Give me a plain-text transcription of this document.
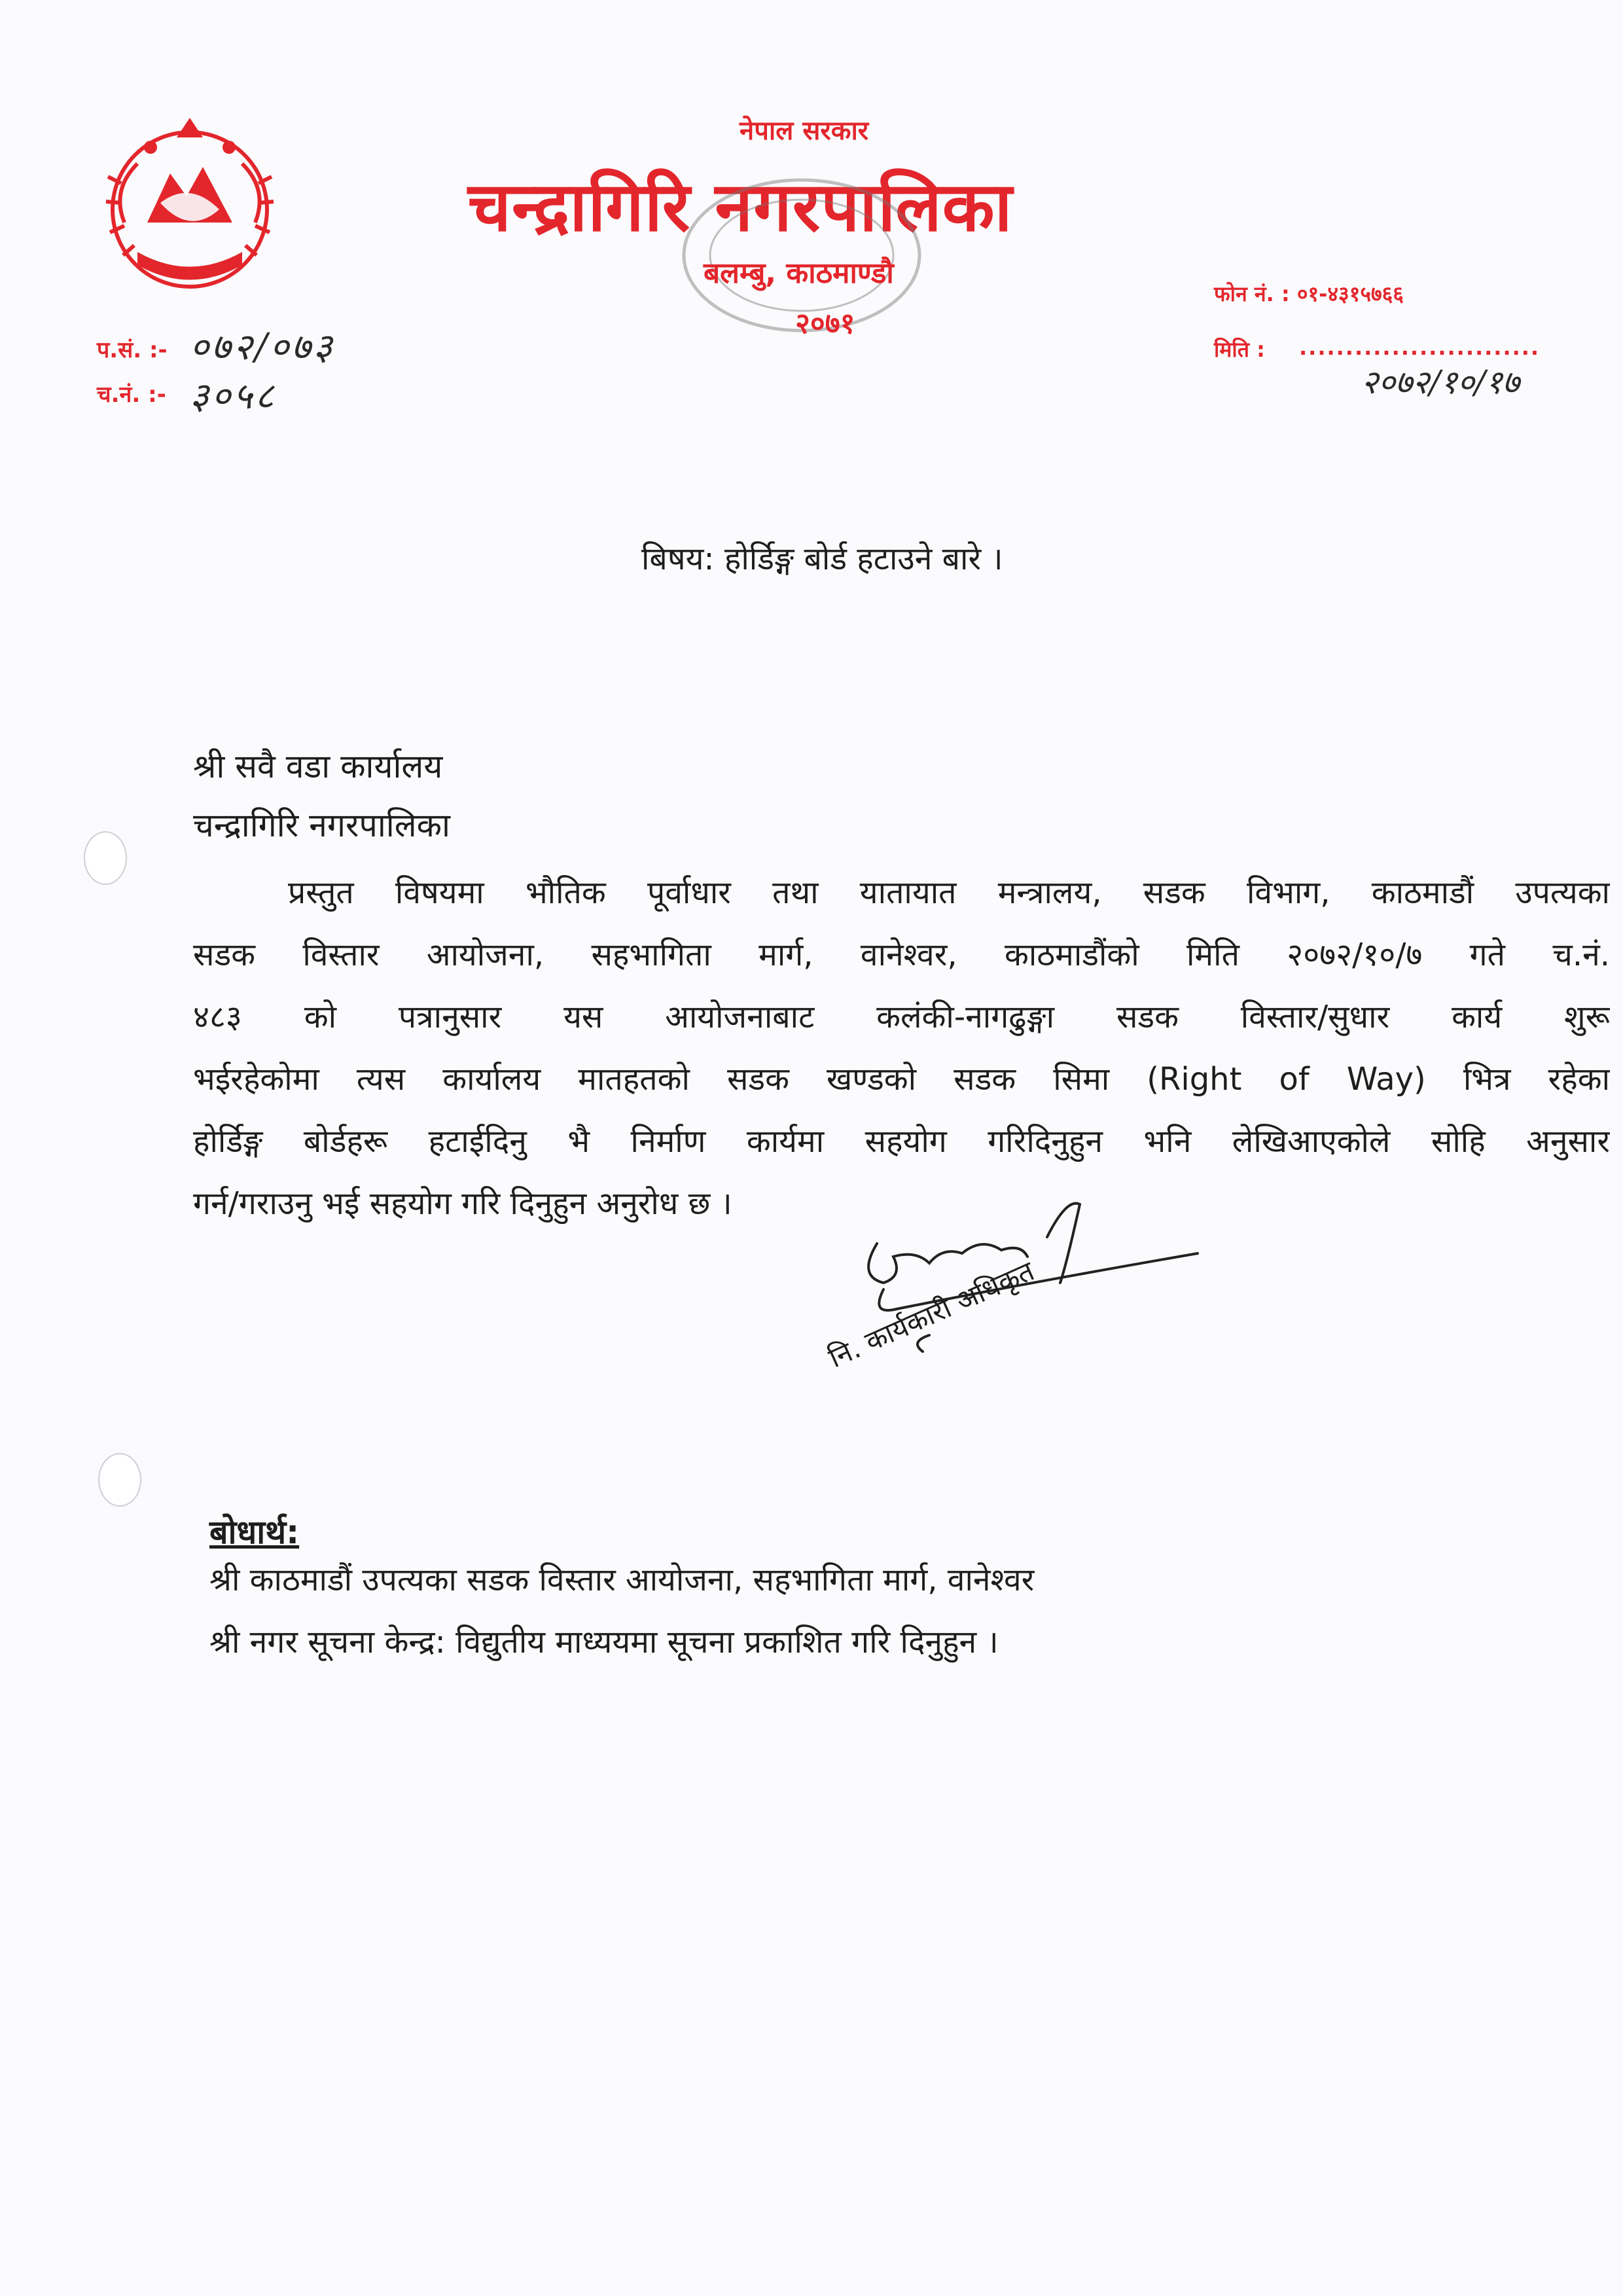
नेपाल सरकार
चन्द्रागिरि नगरपालिका
बलम्बु, काठमाण्डौ
२०७१
फोन नं. : ०१-४३१५७६६
मिति : ..........................
२०७२/१०/१७
प.सं. :- ०७२/०७३
च.नं. :- ३०५८
बिषय: होर्डिङ्ग बोर्ड हटाउने बारे ।
श्री सवै वडा कार्यालय
चन्द्रागिरि नगरपालिका
प्रस्तुत विषयमा भौतिक पूर्वाधार तथा यातायात मन्त्रालय, सडक विभाग, काठमाडौं उपत्यका
सडक विस्तार आयोजना, सहभागिता मार्ग, वानेश्वर, काठमाडौंको मिति २०७२/१०/७ गते च.नं.
४८३ को पत्रानुसार यस आयोजनाबाट कलंकी-नागढुङ्गा सडक विस्तार/सुधार कार्य शुरू
भईरहेकोमा त्यस कार्यालय मातहतको सडक खण्डको सडक सिमा (Right of Way) भित्र रहेका
होर्डिङ्ग बोर्डहरू हटाईदिनु भै निर्माण कार्यमा सहयोग गरिदिनुहुन भनि लेखिआएकोले सोहि अनुसार
गर्न/गराउनु भई सहयोग गरि दिनुहुन अनुरोध छ ।
नि. कार्यकारी अधिकृत
बोधार्थ:
श्री काठमाडौं उपत्यका सडक विस्तार आयोजना, सहभागिता मार्ग, वानेश्वर
श्री नगर सूचना केन्द्र: विद्युतीय माध्ययमा सूचना प्रकाशित गरि दिनुहुन ।
